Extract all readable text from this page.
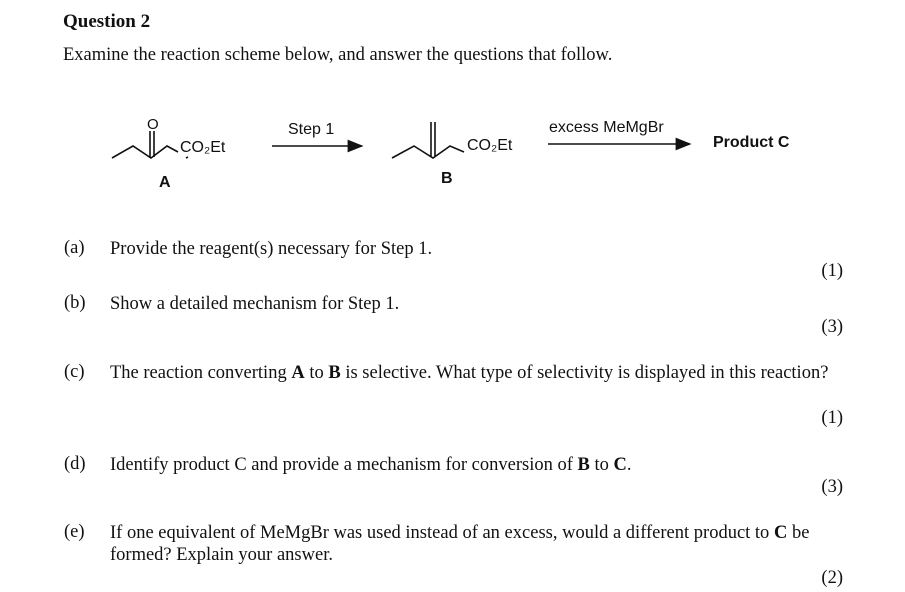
Question 2
Examine the reaction scheme below, and answer the questions that follow.
O
CO₂Et
A
Step 1
CO₂Et
B
excess MeMgBr
Product C
(a) Provide the reagent(s) necessary for Step 1.
(1)
(b) Show a detailed mechanism for Step 1.
(3)
(c) The reaction converting A to B is selective. What type of selectivity is displayed in this reaction?
(1)
(d) Identify product C and provide a mechanism for conversion of B to C.
(3)
(e) If one equivalent of MeMgBr was used instead of an excess, would a different product to C be formed? Explain your answer.
(2)
